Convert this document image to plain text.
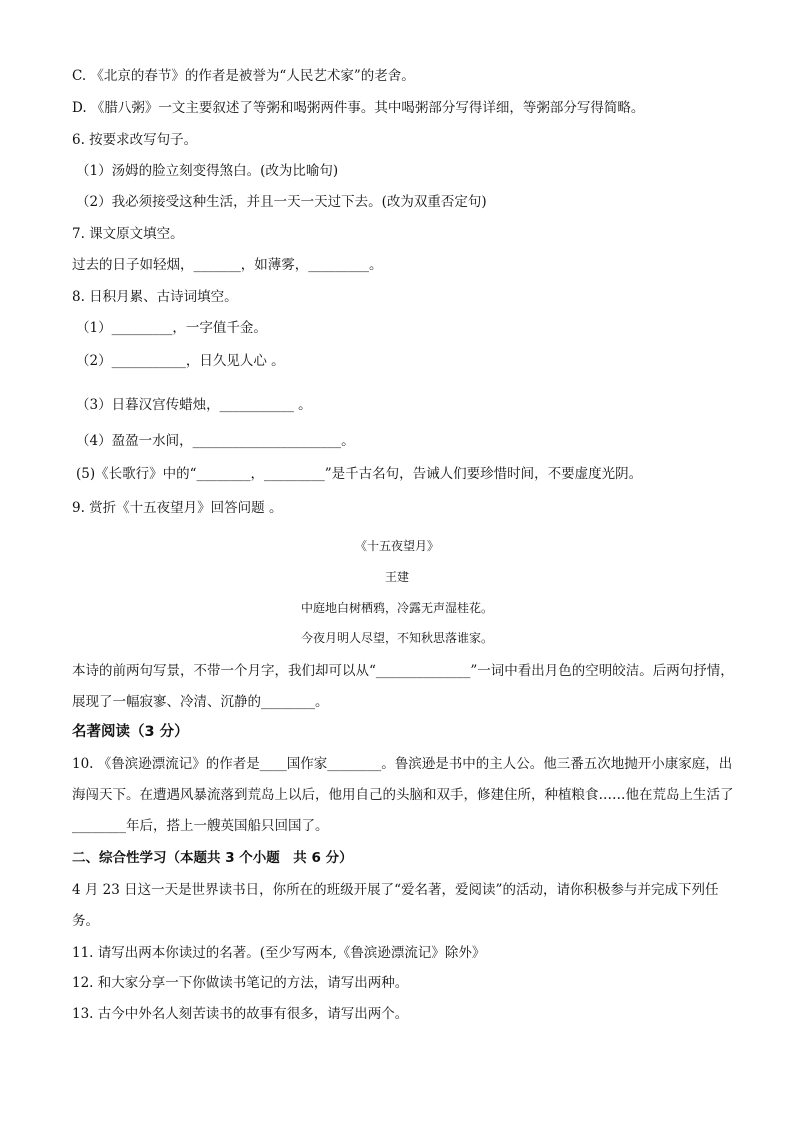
C. 《北京的春节》的作者是被誉为“人民艺术家”的老舍。
D. 《腊八粥》一文主要叙述了等粥和喝粥两件事。其中喝粥部分写得详细，等粥部分写得简略。
6. 按要求改写句子。
（1）汤姆的脸立刻变得煞白。(改为比喻句)
（2）我必须接受这种生活，并且一天一天过下去。(改为双重否定句)
7. 课文原文填空。
过去的日子如轻烟，_______，如薄雾，_________。
8. 日积月累、古诗词填空。
（1）_________，一字值千金。
（2）___________，日久见人心 。
（3）日暮汉宫传蜡烛，___________ 。
（4）盈盈一水间，______________________。
(5)《长歌行》中的“________，_________”是千古名句，告诫人们要珍惜时间，不要虚度光阴。
9. 赏折《十五夜望月》回答问题 。
《十五夜望月》
王建
中庭地白树栖鸦，冷露无声湿桂花。
今夜月明人尽望，不知秋思落谁家。
本诗的前两句写景，不带一个月字，我们却可以从“______________”一词中看出月色的空明皎洁。后两句抒情，展现了一幅寂寥、冷清、沉静的________。
名著阅读（3 分）
10. 《鲁滨逊漂流记》的作者是____国作家________。鲁滨逊是书中的主人公。他三番五次地抛开小康家庭，出海闯天下。在遭遇风暴流落到荒岛上以后，他用自己的头脑和双手，修建住所，种植粮食……他在荒岛上生活了________年后，搭上一艘英国船只回国了。
二、综合性学习（本题共 3 个小题　共 6 分）
4 月 23 日这一天是世界读书日，你所在的班级开展了“爱名著，爱阅读”的活动，请你积极参与并完成下列任务。
11. 请写出两本你读过的名著。(至少写两本,《鲁滨逊漂流记》除外》
12. 和大家分享一下你做读书笔记的方法，请写出两种。
13. 古今中外名人刻苦读书的故事有很多，请写出两个。
